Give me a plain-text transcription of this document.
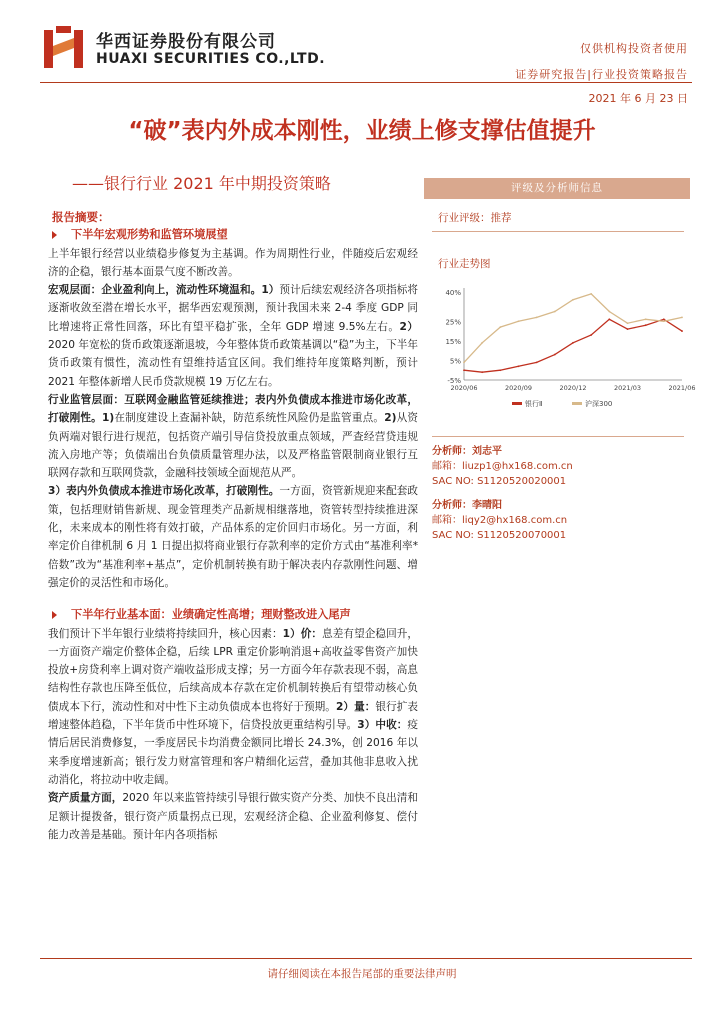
华西证券股份有限公司
HUAXI SECURITIES CO.,LTD.
仅供机构投资者使用
证券研究报告|行业投资策略报告
2021 年 6 月 23 日
“破”表内外成本刚性，业绩上修支撑估值提升
——银行行业 2021 年中期投资策略
报告摘要：
下半年宏观形势和监管环境展望

上半年银行经营以业绩稳步修复为主基调。作为周期性行业，伴随疫后宏观经济的企稳，银行基本面景气度不断改善。

宏观层面：企业盈利向上，流动性环境温和。1）预计后续宏观经济各项指标将逐渐收敛至潜在增长水平，据华西宏观预测，预计我国未来 2-4 季度 GDP 同比增速将正常性回落，环比有望平稳扩张，全年 GDP 增速 9.5%左右。2）2020 年宽松的货币政策逐渐退坡，今年整体货币政策基调以“稳”为主，下半年货币政策有惯性，流动性有望维持适宜区间。我们维持年度策略判断，预计 2021 年整体新增人民币贷款规模 19 万亿左右。

行业监管层面：互联网金融监管延续推进；表内外负债成本推进市场化改革，打破刚性。1)在制度建设上查漏补缺，防范系统性风险仍是监管重点。2)从资负两端对银行进行规范，包括资产端引导信贷投放重点领域，严查经营贷违规流入房地产等；负债端出台负债质量管理办法，以及严格监管限制商业银行互联网存款和互联网贷款，金融科技领域全面规范从严。

3）表内外负债成本推进市场化改革，打破刚性。一方面，资管新规迎来配套政策，包括理财销售新规、现金管理类产品新规相继落地，资管转型持续推进深化，未来成本的刚性将有效打破，产品体系的定价回归市场化。另一方面，利率定价自律机制 6 月 1 日提出拟将商业银行存款利率的定价方式由“基准利率*倍数”改为“基准利率+基点”，定价机制转换有助于解决表内存款刚性问题、增强定价的灵活性和市场化。

下半年行业基本面：业绩确定性高增；理财整改进入尾声

我们预计下半年银行业绩将持续回升，核心因素：1）价：息差有望企稳回升，一方面资产端定价整体企稳，后续 LPR 重定价影响消退+高收益零售资产加快投放+房贷利率上调对资产端收益形成支撑；另一方面今年存款表现不弱，高息结构性存款也压降至低位，后续高成本存款在定价机制转换后有望带动核心负债成本下行，流动性和对中性下主动负债成本也将好于预期。2）量：银行扩表增速整体趋稳，下半年货币中性环境下，信贷投放更重结构引导。3）中收：疫情后居民消费修复，一季度居民卡均消费金额同比增长 24.3%，创 2016 年以来季度增速新高；银行发力财富管理和客户精细化运营，叠加其他非息收入扰动消化，将拉动中收走阔。

资产质量方面，2020 年以来监管持续引导银行做实资产分类、加快不良出清和足额计提拨备，银行资产质量拐点已现，宏观经济企稳、企业盈利修复、偿付能力改善是基础。预计年内各项指标

评级及分析师信息
行业评级：推荐
行业走势图
40%
25%
15%
5%
-5%
2020/06	2020/09	2020/12	2021/03	2021/06
银行Ⅱ	沪深300
分析师：刘志平
邮箱：liuzp1@hx168.com.cn
SAC NO: S1120520020001
分析师：李晴阳
邮箱：liqy2@hx168.com.cn
SAC NO: S1120520070001
请仔细阅读在本报告尾部的重要法律声明
